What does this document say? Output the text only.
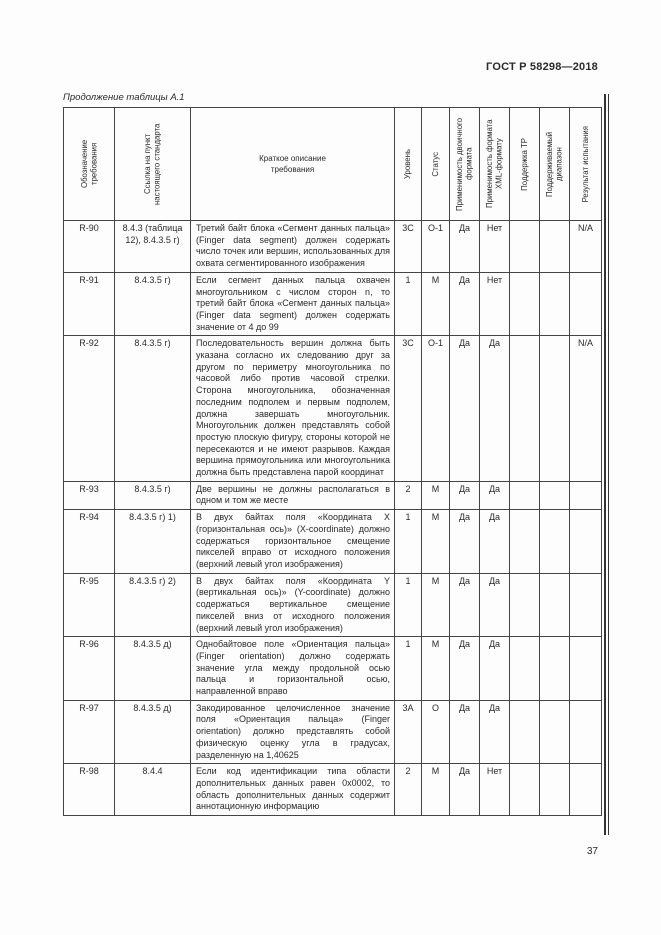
ГОСТ Р 58298—2018
Продолжение таблицы А.1
Обозначение требования	Ссылка на пункт настоящего стандарта	Краткое описание требования	Уровень	Статус	Применимость двоичного формата	Применимость формата XML-формату	Поддержка ТР	Поддерживаемый диапазон	Результат испытания

R-90	8.4.3 (таблица 12), 8.4.3.5 г)	Третий байт блока «Сегмент данных пальца» (Finger data segment) должен содержать число точек или вершин, использованных для охвата сегментированного изображения	3C	O-1	Да	Нет			N/A
R-91	8.4.3.5 г)	Если сегмент данных пальца охвачен многоугольником с числом сторон n, то третий байт блока «Сегмент данных пальца» (Finger data segment) должен содержать значение от 4 до 99	1	M	Да	Нет			
R-92	8.4.3.5 г)	Последовательность вершин должна быть указана согласно их следованию друг за другом по периметру многоугольника по часовой либо против часовой стрелки. Сторона многоугольника, обозначенная последним подполем и первым подполем, должна завершать многоугольник. Многоугольник должен представлять собой простую плоскую фигуру, стороны которой не пересекаются и не имеют разрывов. Каждая вершина прямоугольника или многоугольника должна быть представлена парой координат	3C	O-1	Да	Да			N/A
R-93	8.4.3.5 г)	Две вершины не должны располагаться в одном и том же месте	2	M	Да	Да			
R-94	8.4.3.5 г) 1)	В двух байтах поля «Координата X (горизонтальная ось)» (X-coordinate) должно содержаться горизонтальное смещение пикселей вправо от исходного положения (верхний левый угол изображения)	1	M	Да	Да			
R-95	8.4.3.5 г) 2)	В двух байтах поля «Координата Y (вертикальная ось)» (Y-coordinate) должно содержаться вертикальное смещение пикселей вниз от исходного положения (верхний левый угол изображения)	1	M	Да	Да			
R-96	8.4.3.5 д)	Однобайтовое поле «Ориентация пальца» (Finger orientation) должно содержать значение угла между продольной осью пальца и горизонтальной осью, направленной вправо	1	M	Да	Да			
R-97	8.4.3.5 д)	Закодированное целочисленное значение поля «Ориентация пальца» (Finger orientation) должно представлять собой физическую оценку угла в градусах, разделенную на 1,40625	3A	O	Да	Да			
R-98	8.4.4	Если код идентификации типа области дополнительных данных равен 0x0002, то область дополнительных данных содержит аннотационную информацию	2	M	Да	Нет			
37
